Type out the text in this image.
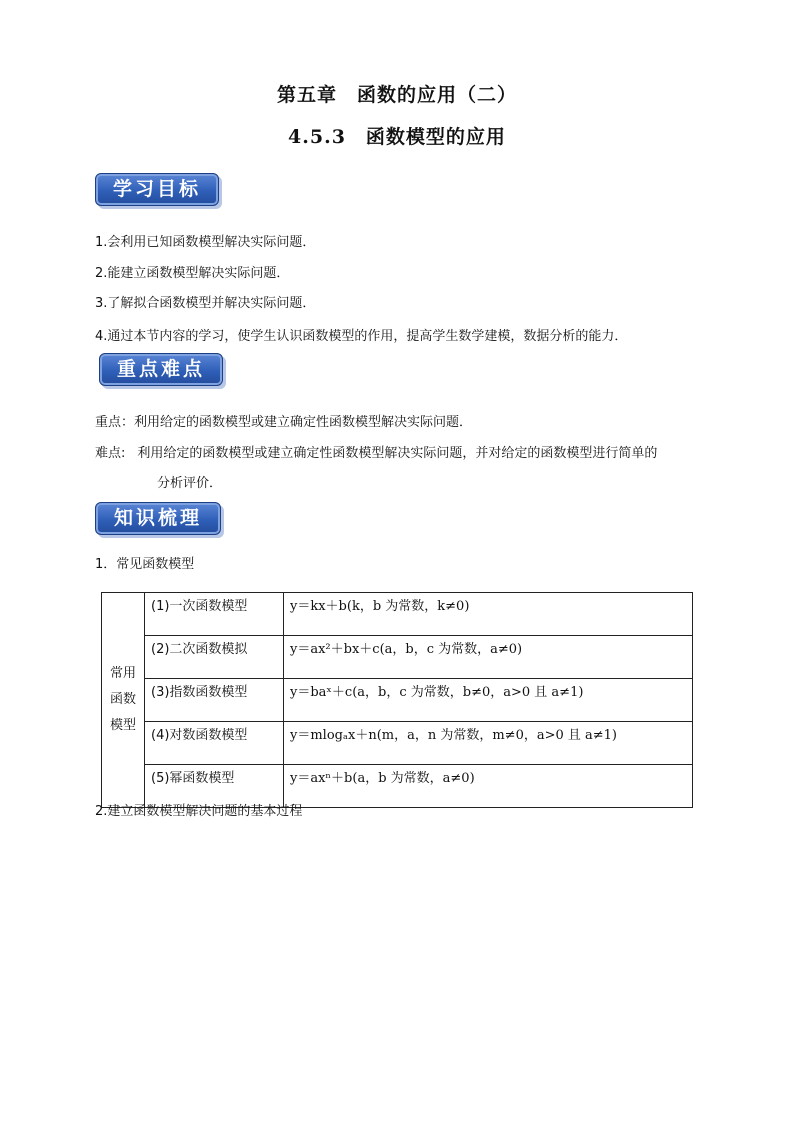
第五章　函数的应用（二）
4.5.3　函数模型的应用
学习目标
1.会利用已知函数模型解决实际问题．
2.能建立函数模型解决实际问题．
3.了解拟合函数模型并解决实际问题．
4.通过本节内容的学习，使学生认识函数模型的作用，提高学生数学建模，数据分析的能力．
重点难点
重点：利用给定的函数模型或建立确定性函数模型解决实际问题．
难点: 利用给定的函数模型或建立确定性函数模型解决实际问题，并对给定的函数模型进行简单的
分析评价．
知识梳理
1．常见函数模型
常用函数模型	(1)一次函数模型	y＝kx＋b(k，b 为常数，k≠0)
	(2)二次函数模拟	y＝ax²＋bx＋c(a，b，c 为常数，a≠0)
	(3)指数函数模型	y＝baˣ＋c(a，b，c 为常数，b≠0，a>0 且 a≠1)
	(4)对数函数模型	y＝mlogₐx＋n(m，a，n 为常数，m≠0，a>0 且 a≠1)
	(5)幂函数模型	y＝axⁿ＋b(a，b 为常数，a≠0)
2.建立函数模型解决问题的基本过程
